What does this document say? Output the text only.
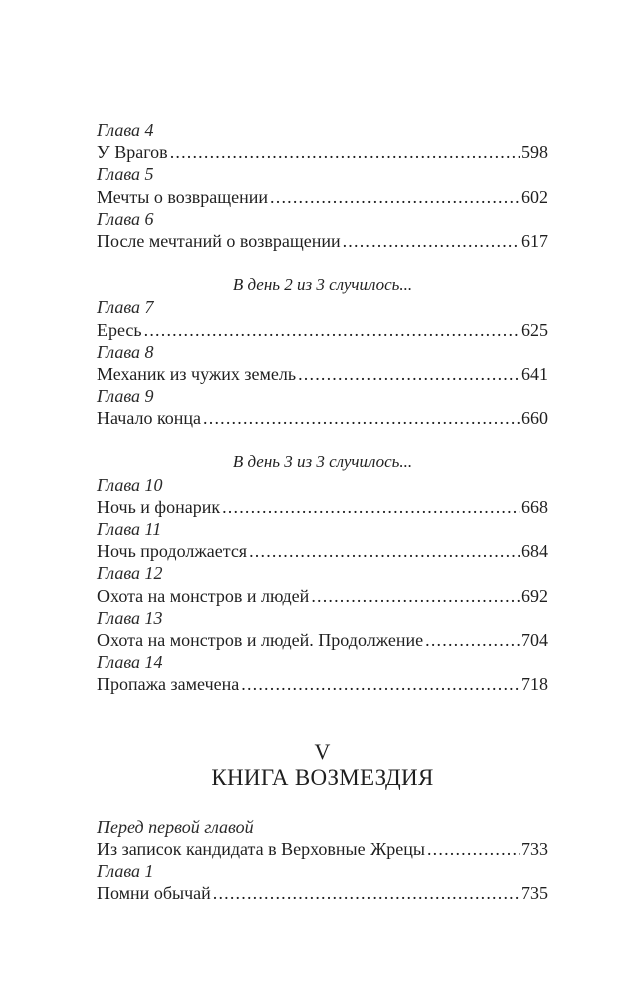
Глава 4
У Врагов .....	598
Глава 5
Мечты о возвращении .....	602
Глава 6
После мечтаний о возвращении .....	617
В день 2 из 3 случилось...
Глава 7
Ересь .....	625
Глава 8
Механик из чужих земель .....	641
Глава 9
Начало конца .....	660
В день 3 из 3 случилось...
Глава 10
Ночь и фонарик .....	668
Глава 11
Ночь продолжается .....	684
Глава 12
Охота на монстров и людей .....	692
Глава 13
Охота на монстров и людей. Продолжение .....	704
Глава 14
Пропажа замечена .....	718
V
КНИГА ВОЗМЕЗДИЯ
Перед первой главой
Из записок кандидата в Верховные Жрецы .....	733
Глава 1
Помни обычай .....	735
